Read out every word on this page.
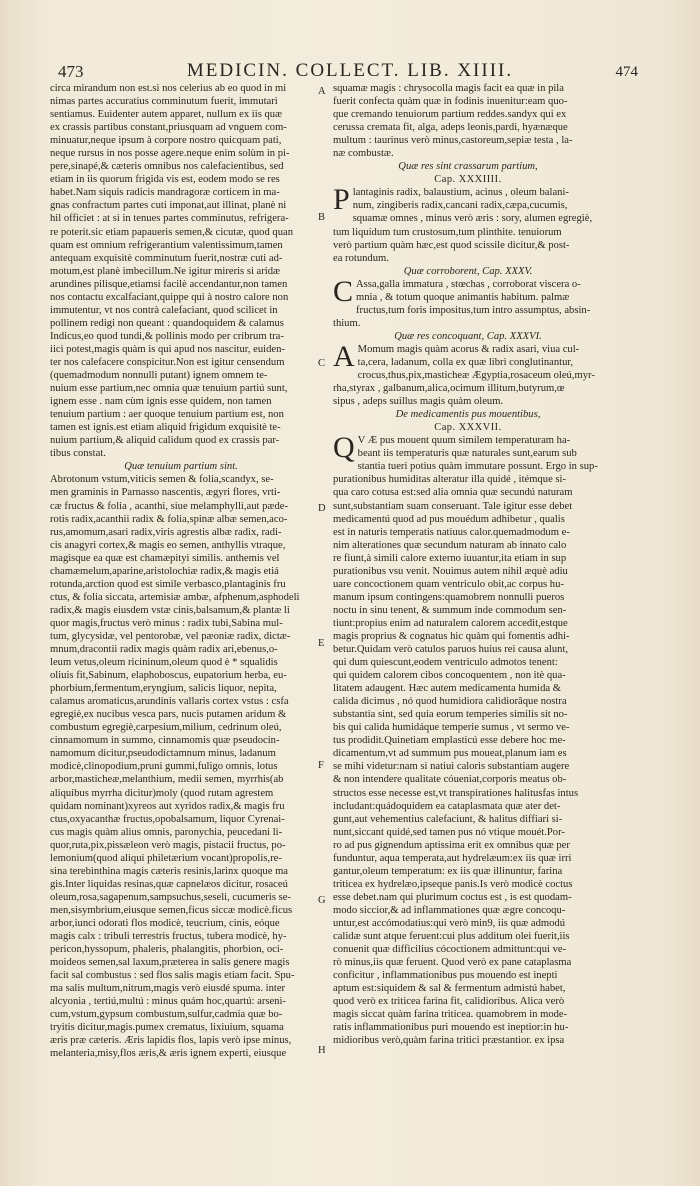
473	MEDICIN. COLLECT. LIB. XIIII.	474
circa mirandum non est.si nos celerius ab eo quod in mi
nimas partes accuratius comminutum fuerit, immutari
sentiamus. Euidenter autem apparet, nullum ex iis quæ
ex crassis partibus constant,priusquam ad vnguem com-
minuatur,neque ipsum à corpore nostro quicquam pati,
neque rursus in nos posse agere.neque enim solùm in pi-
pere,sinapé,& cæteris omnibus nos calefacientibus, sed
etiam in iis quorum frigida vis est, eodem modo se res
habet.Nam siquis radicis mandragoræ corticem in ma-
gnas confractum partes cuti imponat,aut illinat, planè ni
hil officiet : at si in tenues partes comminutus, refrigera-
re poterit.sic etiam papaueris semen,& cicutæ, quod quan
quam est omnium refrigerantium valentissimum,tamen
antequam exquisitè comminutum fuerit,nostræ cuti ad-
motum,est planè imbecillum.Ne igitur mireris si aridæ
arundines pilisque,etiamsi facilè accendantur,non tamen
nos contactu excalfaciant,quippe qui à nostro calore non
immutentur, vt nos contrà calefaciant, quod scilicet in
pollinem redigi non queant : quandoquidem & calamus
Indicus,eo quod tundi,& pollinis modo per cribrum tra-
iici potest,magis quàm is qui apud nos nascitur, euiden-
ter nos calefacere conspicitur.Non est igitur censendum
(quemadmodum nonnulli putant) ignem omnem te-
nuium esse partium,nec omnia quæ tenuium partiú sunt,
ignem esse . nam cùm ignis esse quidem, non tamen
tenuium partium : aer quoque tenuium partium est, non
tamen est ignis.est etiam aliquid frigidum exquisitè te-
nuium partium,& aliquid calidum quod ex crassis par-
tibus constat.
Quæ tenuium partium sint.
Abrotonum vstum,viticis semen & folia,scandyx, se-
men graminis in Parnasso nascentis, ægyri flores, vrti-
cæ fructus & folia , acanthi, siue melamphylli,aut pæde-
rotis radix,acanthii radix & folia,spinæ albæ semen,aco-
rus,amomum,asari radix,viris agrestis albæ radix, radi-
cis anagyri cortex,& magis eo semen, anthyllis vtraque,
magisque ea quæ est chamæpityi similis. anthemis vel
chamæmelum,aparine,aristolochiæ radix,& magis etiá
rotunda,arction quod est simile verbasco,plantaginis fru
ctus, & folia siccata, artemisiæ ambæ, afphenum,asphodeli
radix,& magis eiusdem vstæ cinis,balsamum,& plantæ li
quor magis,fructus verò minus : radix tubi,Sabina mul-
tum, glycysidæ, vel pentorobæ, vel pæoniæ radix, dictæ-
mnum,dracontii radix magis quàm radix ari,ebenus,o-
leum vetus,oleum ricininum,oleum quod è * squalidis
oliuis fit,Sabinum, elaphoboscus, eupatorium herba, eu-
phorbium,fermentum,eryngium, salicis liquor, nepita,
calamus aromaticus,arundinis vallaris cortex vstus : csfa
egregiè,ex nucibus vesca pars, nucis putamen aridum &
combustum egregiè,carpesium,milium, cedrinum oleú,
cinnamomum in summo, cinnamomis quæ pseudocin-
namomum dicitur,pseudodictamnum minus, ladanum
modicè,clinopodium,pruni gummi,fuligo omnis, lotus
arbor,masticheæ,melanthium, medii semen, myrrhis(ab
aliquibus myrrha dicitur)moly (quod rutam agrestem
quidam nominant)xyreos aut xyridos radix,& magis fru
ctus,oxyacanthæ fructus,opobalsamum, liquor Cyrenai-
cus magis quàm alius omnis, paronychia, peucedani li-
quor,ruta,pix,pissæleon verò magis, pistacii fructus, po-
lemonium(quod aliqui philetærium vocant)propolis,re-
sina terebinthina magis cæteris resinis,larinx quoque ma
gis.Inter liquidas resinas,quæ capnelæos dicitur, rosaceú
oleum,rosa,sagapenum,sampsuchus,seseli, cucumeris se-
men,sisymbrium,eiusque semen,ficus siccæ modicè.ficus
arbor,iunci odorati flos modicè, teucrium, cinis, eóque
magis calx : tribuli terrestris fructus, tubera modicè, hy-
pericon,hyssopum, phaleris, phalangitis, phorbion, oci-
moideos semen,sal laxum,præterea in salis genere magis
facit sal combustus : sed flos salis magis etiam facit. Spu-
ma salis multum,nitrum,magis verò eiusdé spuma. inter
alcyonia , tertiú,multú : minus quám hoc,quartú: arseni-
cum,vstum,gypsum combustum,sulfur,cadmia quæ bo-
tryitis dicitur,magis.pumex crematus, lixiuium, squama
æris præ cæteris. Æris lapidis flos, lapis verò ipse minus,
melanteria,misy,flos æris,& æris ignem experti, eiusque
A
B
C
D
E
F
G
H
squamæ magis : chrysocolla magis facit ea quæ in pila
fuerit confecta quàm quæ in fodinis inuenitur:eam quo-
que cremando tenuiorum partium reddes.sandyx qui ex
cerussa cremata fit, alga, adeps leonis,pardi, hyænæque
multum : taurinus verò minus,castoreum,sepiæ testa , la-
næ combustæ.
Quæ res sint crassarum partium,
Cap. XXXIIII.
P lantaginis radix, balaustium, acinus , oleum balani-
num, zingiberis radix,cancani radix,cæpa,cucumis,
squamæ omnes , minus verò æris : sory, alumen egregiè,
tum liquidum tum crustosum,tum plinthite. tenuiorum
verò partium quàm hæc,est quod scissile dicitur,& post-
ea rotundum.
Quæ corroborent, Cap. XXXV.
C Assa,galla immatura , stœchas , corroborat viscera o-
mnia , & totum quoque animantis habitum. palmæ
fructus,tum foris impositus,tum intro assumptus, absin-
thium.
Quæ res concoquant, Cap. XXXVI.
A Momum magis quàm acorus & radix asari, viua cul-
ta,cera, ladanum, colla ex quæ libri conglutinantur,
crocus,thus,pix,masticheæ Ægyptia,rosaceum oleú,myr-
rha,styrax , galbanum,alica,ocimum illitum,butyrum,œ
sipus , adeps suillus magis quàm oleum.
De medicamentis pus mouentibus,
Cap. XXXVII.
Q V Æ pus mouent quum similem temperaturam ha-
beant iis temperaturis quæ naturales sunt,earum sub
stantia tueri potius quàm immutare possunt. Ergo in sup-
purationibus humiditas alteratur illa quidé , itémque si-
qua caro cotusa est:sed alia omnia quæ secundú naturam
sunt,substantiam suam conseruant. Tale igitur esse debet
medicamentú quod ad pus mouédum adhibetur , qualis
est in naturis temperatis natiuus calor.quemadmodum e-
nim alterationes quæ secundum naturam ab innato calo
re fiunt,à simili calore externo iuuantur,ita etiam in sup
purationibus vsu venit. Nouimus autem nihil æquè adiu
uare concoctionem quam ventriculo obit,ac corpus hu-
manum ipsum contingens:quamobrem nonnulli pueros
noctu in sinu tenent, & summum inde commodum sen-
tiunt:propius enim ad naturalem calorem accedit,estque
magis proprius & cognatus hic quàm qui fomentis adhi-
betur.Quidam verò catulos paruos huius rei causa alunt,
qui dum quiescunt,eodem ventriculo admotos tenent:
qui quidem calorem cibos concoquentem , non itè qua-
litatem adaugent. Hæc autem medicamenta humida &
calida dicimus , nó quod humidiora calidiorâque nostra
substantia sint, sed quia eorum temperies similis sit no-
bis qui calida humidáque temperie sumus , vt sermo ve-
tus prodidit.Quinetiam emplasticú esse debere hoc me-
dicamentum,vt ad summum pus moueat,planum iam es
se mihi videtur:nam si natiui caloris substantiam augere
& non intendere qualitate cóueniat,corporis meatus ob-
structos esse necesse est,vt transpirationes halitusfas intus
includant:quádoquidem ea cataplasmata quæ ater det-
gunt,aut vehementius calefaciunt, & halitus diffiari si-
nunt,siccant quidé,sed tamen pus nó vtique mouét.Por-
ro ad pus gignendum aptissima erit ex omnibus quæ per
funduntur, aqua temperata,aut hydrelæum:ex iis quæ irri
gantur,oleum temperatum: ex iis quæ illinuntur, farina
triticea ex hydrelæo,ipseque panis.Is verò modicè coctus
esse debet.nam qui plurimum coctus est , is est quodam-
modo siccior,& ad inflammationes quæ ægre concoqu-
untur,est accómodatius:qui verò min9, iis quæ admodú
calidæ sunt atque feruent:cui plus additum olei fuerit,iis
conuenit quæ difficilius cócoctionem admittunt:qui ve-
rò minus,iis quæ feruent. Quod verò ex pane cataplasma
conficitur , inflammationibus pus mouendo est inepti
aptum est:siquidem & sal & fermentum admistú habet,
quod verò ex triticea farina fit, calidioribus. Alica verò
magis siccat quàm farina triticea. quamobrem in mode-
ratis inflammationibus puri mouendo est ineptior:in hu-
midioribus verò,quàm farina tritici præstantior. ex ipsa
